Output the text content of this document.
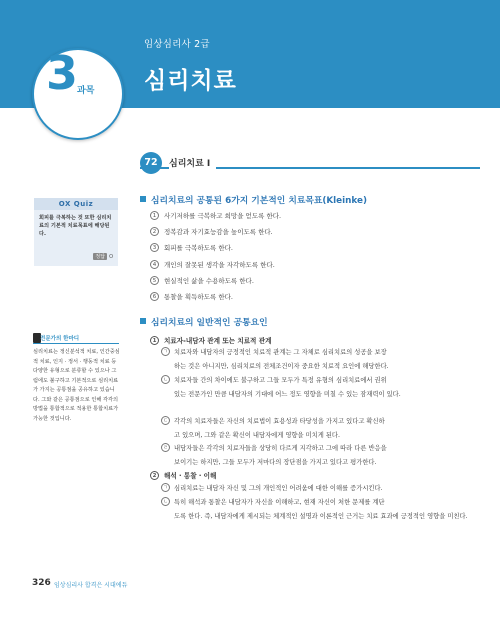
임상심리사 2급
심리치료
3
과목
72	심리치료 Ⅰ
OX Quiz
회피를 극복하는 것 또한 심리치료의 기본적 치료목표에 해당된다.
정답 O
전문가의 한마디
심리치료는 정신분석적 치료, 인간중심적 치료, 인지 · 정서 · 행동적 치료 등 다양한 유형으로 분류할 수 있으나 그럼에도 불구하고 기본적으로 심리치료가 가지는 공통점을 공유하고 있습니다. 그와 같은 공통점으로 인해 각각의 방법을 통합적으로 적용한 통합치료가 가능한 것입니다.
심리치료의 공통된 6가지 기본적인 치료목표(Kleinke)
1 사기저하를 극복하고 희망을 얻도록 한다.
2 정복감과 자기효능감을 높이도록 한다.
3 회피를 극복하도록 한다.
4 개인의 잘못된 생각을 자각하도록 한다.
5 현실적인 삶을 수용하도록 한다.
6 통찰을 획득하도록 한다.
심리치료의 일반적인 공통요인
1 치료자-내담자 관계 또는 치료적 관계
ㄱ 치료자와 내담자의 긍정적인 치료적 관계는 그 자체로 심리치료의 성공을 보장
하는 것은 아니지만, 심리치료의 전체조건이자 중요한 치료적 요인에 해당한다.
ㄴ 치료자들 간의 차이에도 불구하고 그들 모두가 특정 유형의 심리치료에서 권위
있는 전문가인 만큼 내담자의 기대에 어느 정도 영향을 미칠 수 있는 잠재력이 있다.
ㄷ 각각의 치료자들은 자신의 치료법이 효용성과 타당성을 가지고 있다고 확신하
고 있으며, 그와 같은 확신이 내담자에게 영향을 미치게 된다.
ㄹ 내담자들은 각각의 치료자들을 상당히 다르게 지각하고 그에 따라 다른 반응을
보이기는 하지만, 그들 모두가 저마다의 장단점을 가지고 있다고 평가한다.
2 해석 · 통찰 · 이해
ㄱ 심리치료는 내담자 자신 및 그의 개인적인 어려움에 대한 이해를 증가시킨다.
ㄴ 특히 해석과 통찰은 내담자가 자신을 이해하고, 현재 자신이 처한 문제를 계단
도록 한다. 즉, 내담자에게 제시되는 체계적인 설명과 이론적인 근거는 치료 효과에 긍정적인 영향을 미친다.
326 임상심리사 합격은 시대에듀
